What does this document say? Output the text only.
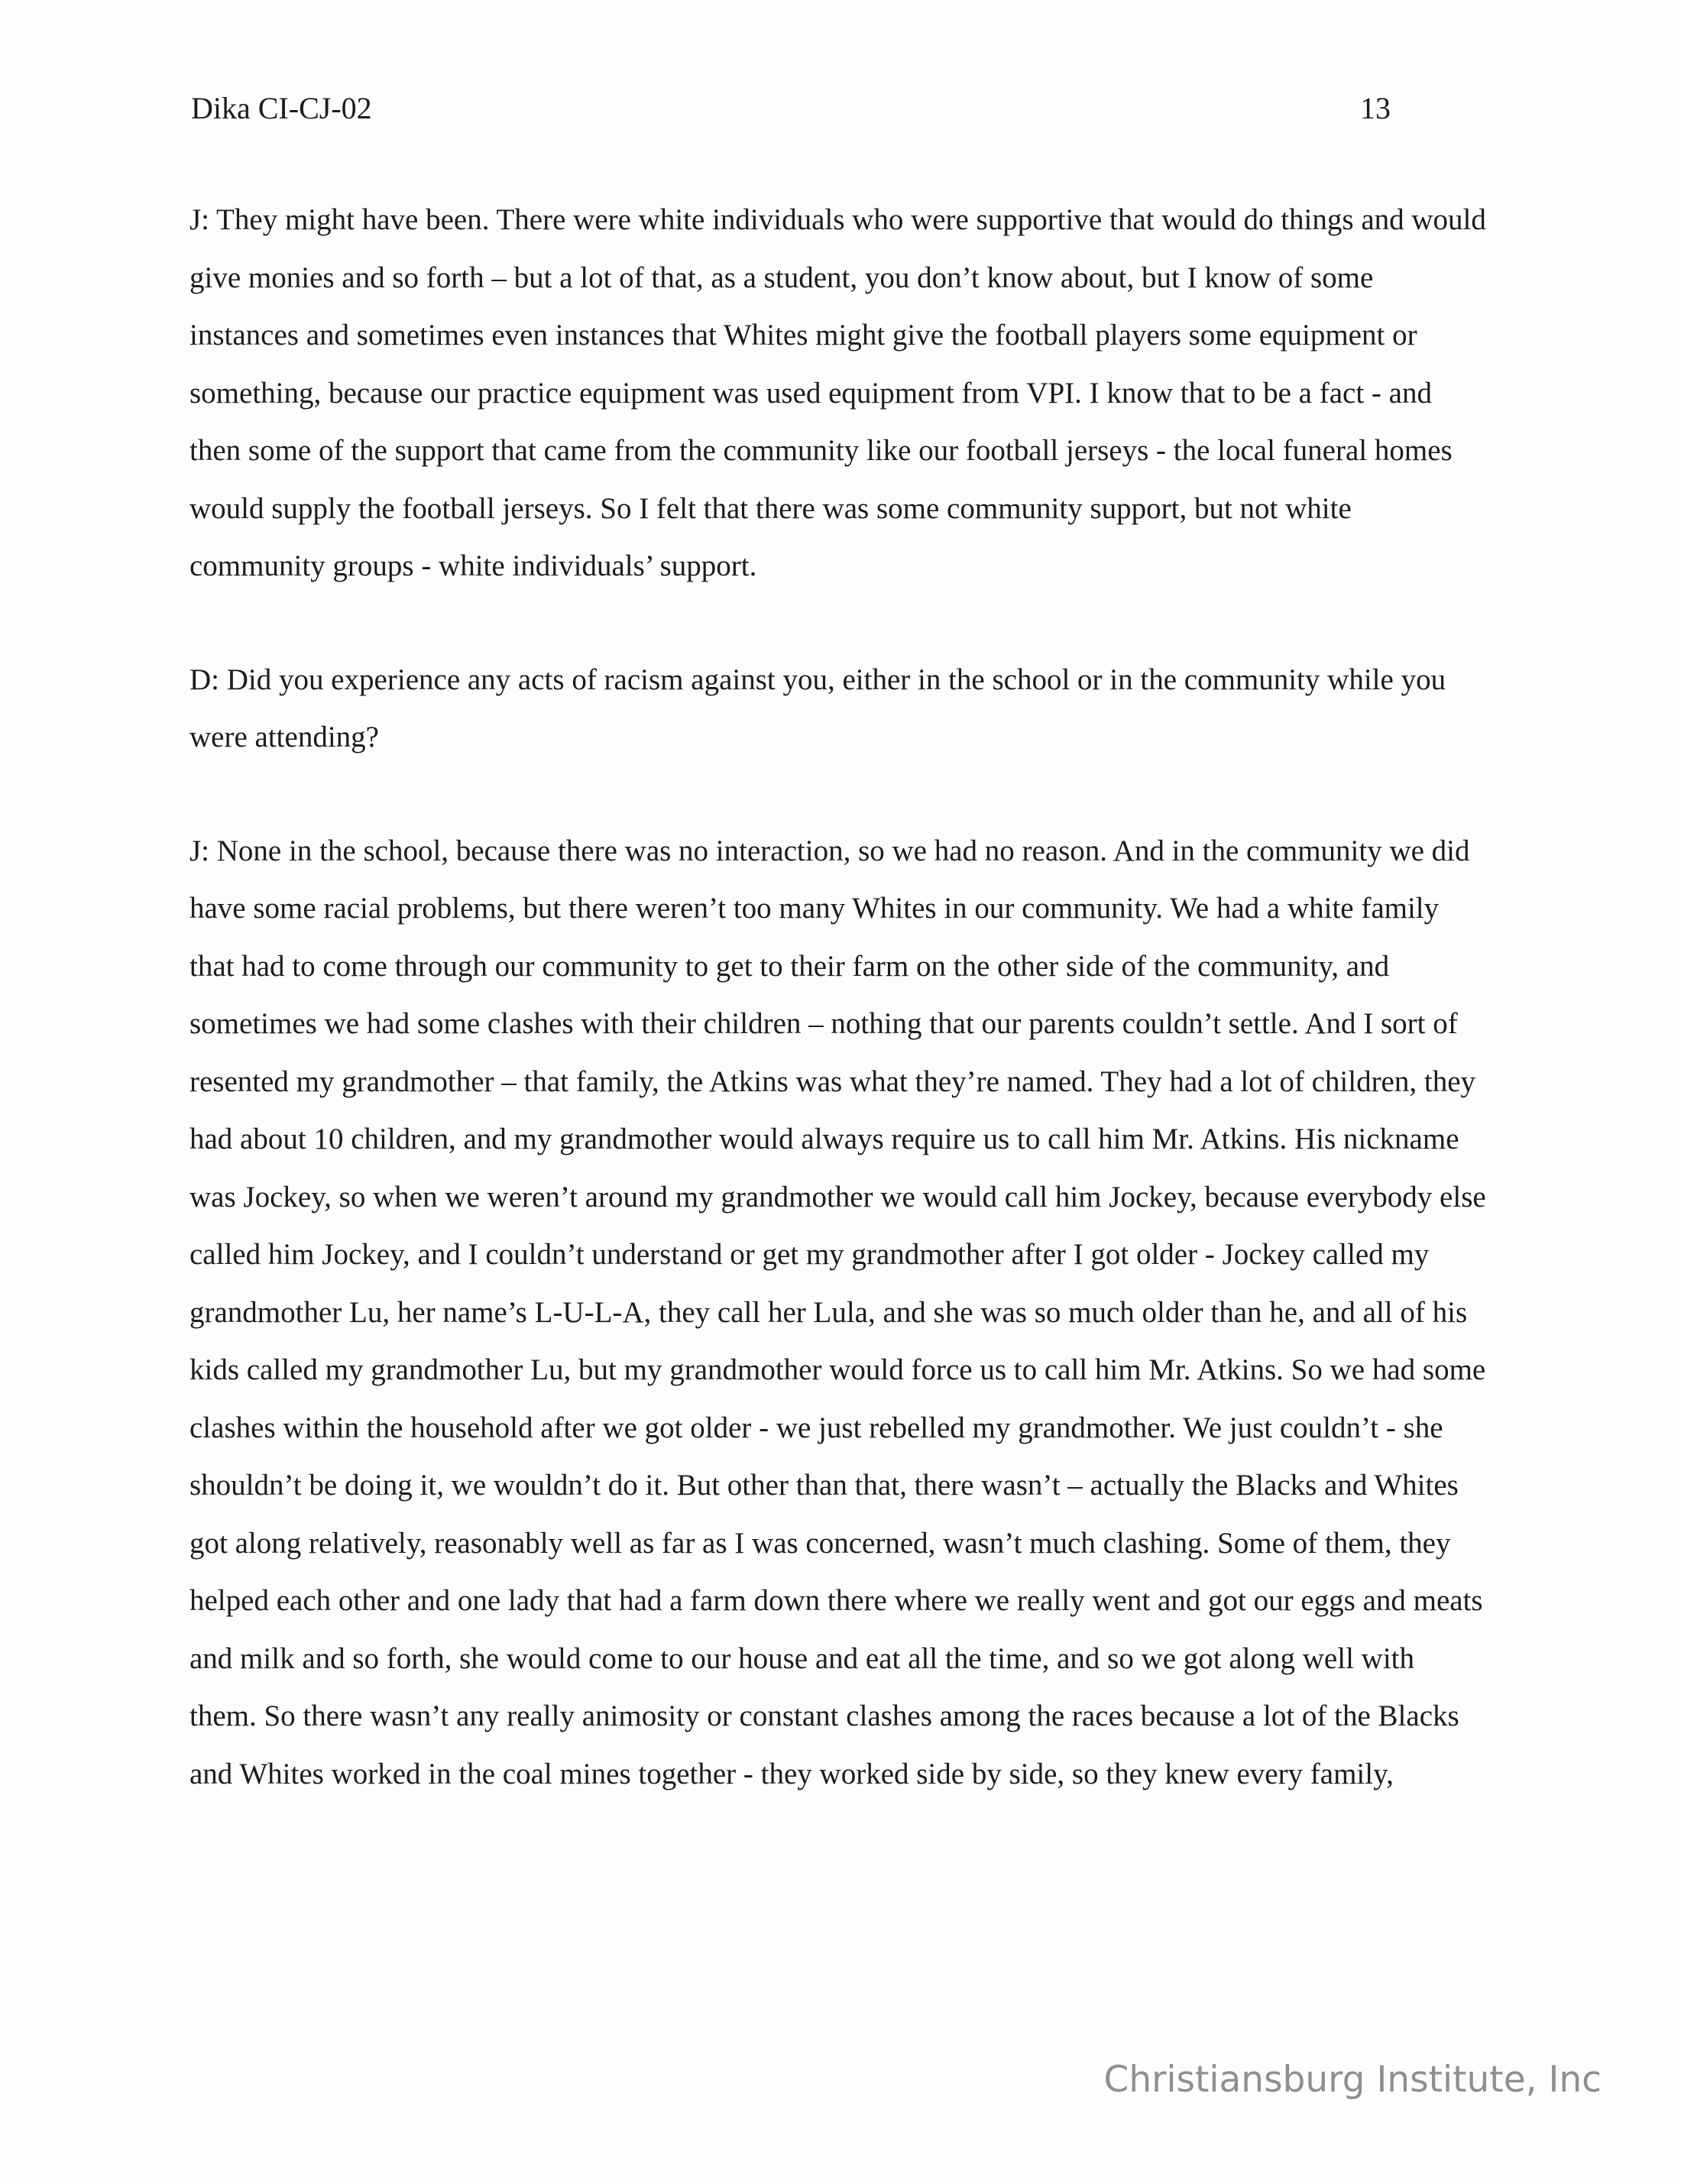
Dika CI-CJ-02	13

J: They might have been. There were white individuals who were supportive that would do things and would give monies and so forth – but a lot of that, as a student, you don’t know about, but I know of some instances and sometimes even instances that Whites might give the football players some equipment or something, because our practice equipment was used equipment from VPI. I know that to be a fact - and then some of the support that came from the community like our football jerseys - the local funeral homes would supply the football jerseys. So I felt that there was some community support, but not white community groups - white individuals’ support.

D: Did you experience any acts of racism against you, either in the school or in the community while you were attending?

J: None in the school, because there was no interaction, so we had no reason. And in the community we did have some racial problems, but there weren’t too many Whites in our community. We had a white family that had to come through our community to get to their farm on the other side of the community, and sometimes we had some clashes with their children – nothing that our parents couldn’t settle. And I sort of resented my grandmother – that family, the Atkins was what they’re named. They had a lot of children, they had about 10 children, and my grandmother would always require us to call him Mr. Atkins. His nickname was Jockey, so when we weren’t around my grandmother we would call him Jockey, because everybody else called him Jockey, and I couldn’t understand or get my grandmother after I got older - Jockey called my grandmother Lu, her name’s L-U-L-A, they call her Lula, and she was so much older than he, and all of his kids called my grandmother Lu, but my grandmother would force us to call him Mr. Atkins. So we had some clashes within the household after we got older - we just rebelled my grandmother. We just couldn’t - she shouldn’t be doing it, we wouldn’t do it. But other than that, there wasn’t – actually the Blacks and Whites got along relatively, reasonably well as far as I was concerned, wasn’t much clashing. Some of them, they helped each other and one lady that had a farm down there where we really went and got our eggs and meats and milk and so forth, she would come to our house and eat all the time, and so we got along well with them. So there wasn’t any really animosity or constant clashes among the races because a lot of the Blacks and Whites worked in the coal mines together - they worked side by side, so they knew every family,

Christiansburg Institute, Inc
